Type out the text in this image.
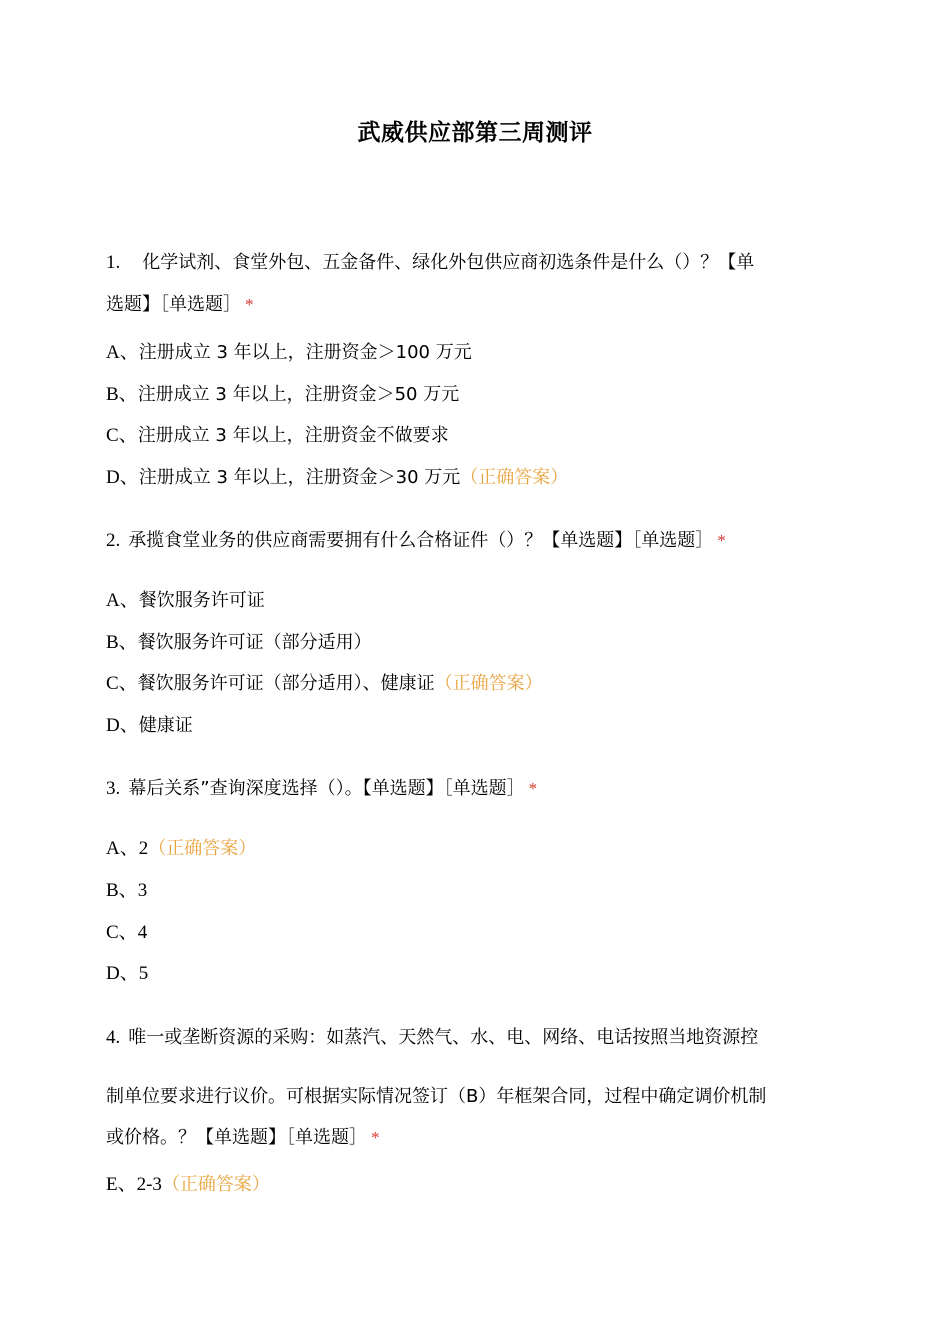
武威供应部第三周测评
1. 化学试剂、食堂外包、五金备件、绿化外包供应商初选条件是什么（）？【单
选题】［单选题］ *
A、注册成立 3 年以上，注册资金＞100 万元
B、注册成立 3 年以上，注册资金＞50 万元
C、注册成立 3 年以上，注册资金不做要求
D、注册成立 3 年以上，注册资金＞30 万元（正确答案）
2. 承揽食堂业务的供应商需要拥有什么合格证件（）？【单选题】［单选题］ *
A、餐饮服务许可证
B、餐饮服务许可证（部分适用）
C、餐饮服务许可证（部分适用）、健康证（正确答案）
D、健康证
3. 幕后关系”查询深度选择（）。【单选题】［单选题］ *
A、2（正确答案）
B、3
C、4
D、5
4. 唯一或垄断资源的采购：如蒸汽、天然气、水、电、网络、电话按照当地资源控
制单位要求进行议价。可根据实际情况签订（B）年框架合同，过程中确定调价机制
或价格。？【单选题】［单选题］ *
E、2-3（正确答案）
